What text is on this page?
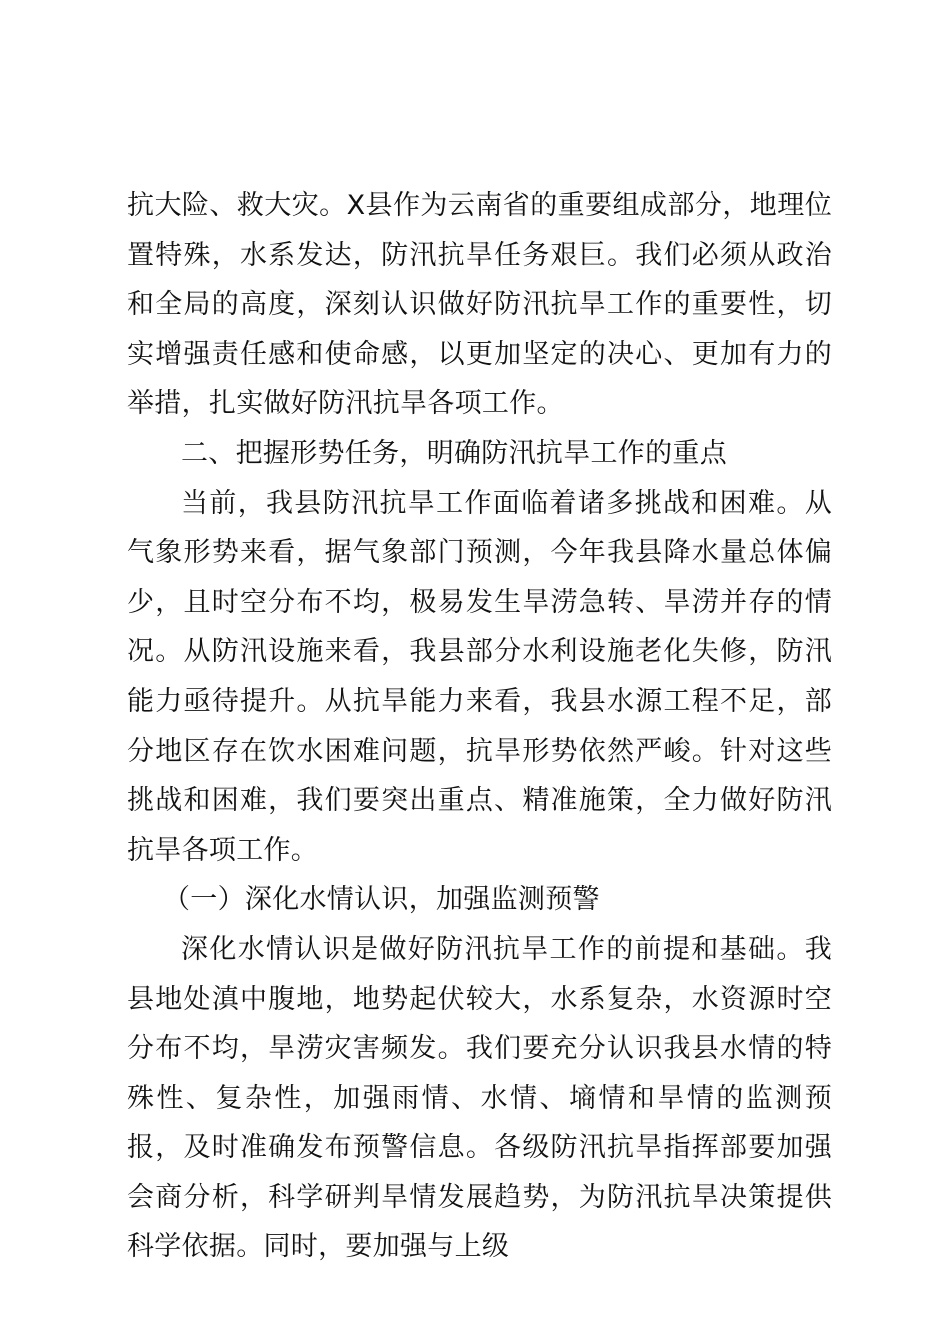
抗大险、救大灾。X县作为云南省的重要组成部分，地理位置特殊，水系发达，防汛抗旱任务艰巨。我们必须从政治和全局的高度，深刻认识做好防汛抗旱工作的重要性，切实增强责任感和使命感，以更加坚定的决心、更加有力的举措，扎实做好防汛抗旱各项工作。

二、把握形势任务，明确防汛抗旱工作的重点

当前，我县防汛抗旱工作面临着诸多挑战和困难。从气象形势来看，据气象部门预测，今年我县降水量总体偏少，且时空分布不均，极易发生旱涝急转、旱涝并存的情况。从防汛设施来看，我县部分水利设施老化失修，防汛能力亟待提升。从抗旱能力来看，我县水源工程不足，部分地区存在饮水困难问题，抗旱形势依然严峻。针对这些挑战和困难，我们要突出重点、精准施策，全力做好防汛抗旱各项工作。

（一）深化水情认识，加强监测预警

深化水情认识是做好防汛抗旱工作的前提和基础。我县地处滇中腹地，地势起伏较大，水系复杂，水资源时空分布不均，旱涝灾害频发。我们要充分认识我县水情的特殊性、复杂性，加强雨情、水情、墒情和旱情的监测预报，及时准确发布预警信息。各级防汛抗旱指挥部要加强会商分析，科学研判旱情发展趋势，为防汛抗旱决策提供科学依据。同时，要加强与上级
